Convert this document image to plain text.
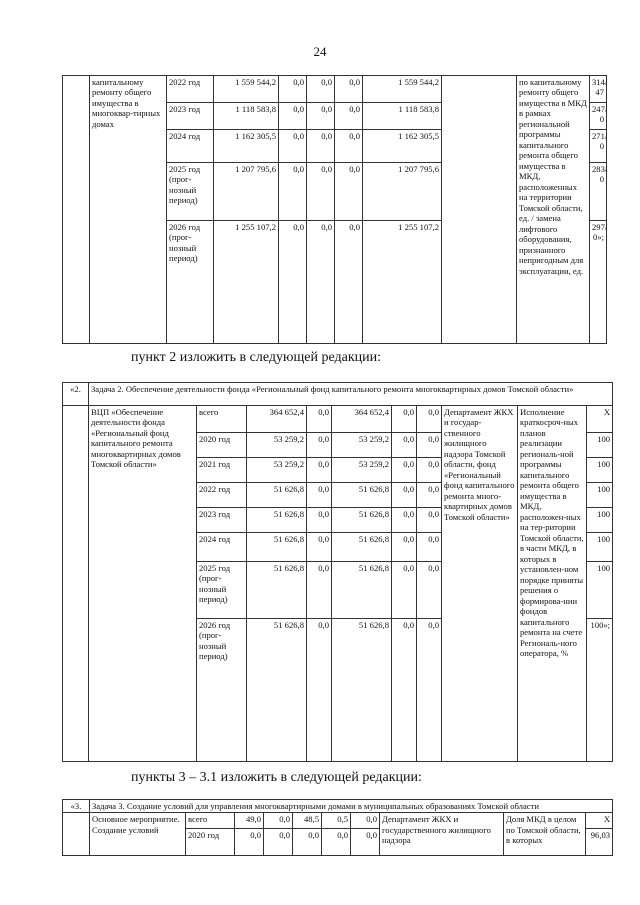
24
	капитальному ремонту общего имущества в многоквар-тирных домах	2022 год	1 559 544,2	0,0	0,0	0,0	1 559 544,2		по капитальному ремонту общего имущества в МКД в рамках региональной программы капитального ремонта общего имущества в МКД, расположенных на территории Томской области, ед. / замена лифтового оборудования, признанного непригодным для эксплуатации, ед.	314/ 47
		2023 год	1 118 583,8	0,0	0,0	0,0	1 118 583,8			247/ 0
		2024 год	1 162 305,5	0,0	0,0	0,0	1 162 305,5			271/ 0
		2025 год (прог-нозный период)	1 207 795,6	0,0	0,0	0,0	1 207 795,6			283/ 0
		2026 год (прог-нозный период)	1 255 107,2	0,0	0,0	0,0	1 255 107,2			297/ 0»;
пункт 2 изложить в следующей редакции:
«2.	Задача 2. Обеспечение деятельности фонда «Региональный фонд капитального ремонта многоквартирных домов Томской области»									
	ВЦП «Обеспечение деятельности фонда «Региональный фонд капитального ремонта многоквартирных домов Томской области»	всего	364 652,4	0,0	364 652,4	0,0	0,0	Департамент ЖКХ и государ-ственного жилищного надзора Томской области, фонд «Региональный фонд капитального ремонта много-квартирных домов Томской области»	Исполнение краткосроч-ных планов реализации региональ-ной программы капитального ремонта общего имущества в МКД, расположен-ных на тер-ритории Томской области, в части МКД, в которых в установлен-ном порядке приняты решения о формирова-нии фондов капитального ремонта на счете Региональ-ного оператора, %	Х
		2020 год	53 259,2	0,0	53 259,2	0,0	0,0			100
		2021 год	53 259,2	0,0	53 259,2	0,0	0,0			100
		2022 год	51 626,8	0,0	51 626,8	0,0	0,0			100
		2023 год	51 626,8	0,0	51 626,8	0,0	0,0			100
		2024 год	51 626,8	0,0	51 626,8	0,0	0,0			100
		2025 год (прог-нозный период)	51 626,8	0,0	51 626,8	0,0	0,0			100
		2026 год (прог-нозный период)	51 626,8	0,0	51 626,8	0,0	0,0			100»;
пункты 3 – 3.1 изложить в следующей редакции:
«3.	Задача 3. Создание условий для управления многоквартирными домами в муниципальных образованиях Томской области									
	Основное мероприятие. Создание условий	всего	49,0	0,0	48,5	0,5	0,0	Департамент ЖКХ и государственного жилищного надзора	Доля МКД в целом по Томской области, в которых	Х
		2020 год	0,0	0,0	0,0	0,0	0,0			96,03
